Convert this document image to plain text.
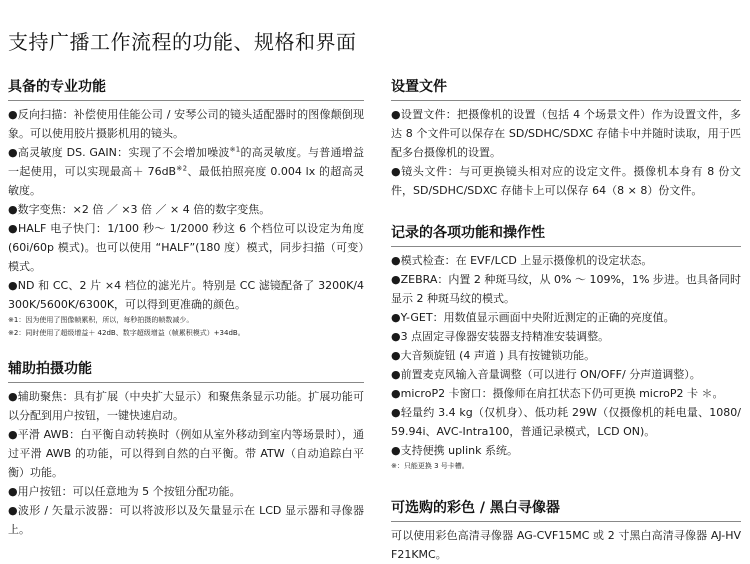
支持广播工作流程的功能、规格和界面
具备的专业功能

● 反向扫描：补偿使用佳能公司 / 安琴公司的镜头适配器时的图像颠倒现象。可以使用胶片摄影机用的镜头。

● 高灵敏度 DS. GAIN：实现了不会增加噪波$^{※1}$的高灵敏度。与普通增益一起使用，可以实现最高＋ $76dB^{※2}$、最低拍照亮度 0.004 lx 的超高灵敏度。

● 数字变焦：×2 倍 ／ ×3 倍 ／ × 4 倍的数字变焦。

● HALF 电子快门：1/100 秒～ 1/2000 秒这 6 个档位可以设定为角度(60i/60p 模式)。也可以使用 “HALF”(180 度）模式，同步扫描（可变）模式。

● ND 和 CC、2 片 ×4 档位的滤光片。特别是 CC 滤镜配备了 3200K/4300K/5600K/6300K，可以得到更准确的颜色。

※1：因为使用了图像帧累积，所以，每秒拍摄的帧数减少。

※2：同时使用了超级增益＋ 42dB、数字超级增益（帧累积模式）+34dB。

辅助拍摄功能

● 辅助聚焦：具有扩展（中央扩大显示）和聚焦条显示功能。扩展功能可以分配到用户按钮，一键快速启动。

● 平滑 AWB：白平衡自动转换时（例如从室外移动到室内等场景时），通过平滑 AWB 的功能，可以得到自然的白平衡。带 ATW（自动追踪白平衡）功能。

● 用户按钮：可以任意地为 5 个按钮分配功能。

● 波形 / 矢量示波器：可以将波形以及矢量显示在 LCD 显示器和寻像器上。

设置文件

● 设置文件：把摄像机的设置（包括 4 个场景文件）作为设置文件，多达 8 个文件可以保存在 SD/SDHC/SDXC 存储卡中并随时读取，用于匹配多台摄像机的设置。

● 镜头文件：与可更换镜头相对应的设定文件。摄像机本身有 8 份文件，SD/SDHC/SDXC 存储卡上可以保存 64（8 × 8）份文件。

记录的各项功能和操作性

● 模式检查：在 EVF/LCD 上显示摄像机的设定状态。

● ZEBRA：内置 2 种斑马纹，从 0% ～ 109%，1% 步进。也具备同时显示 2 种斑马纹的模式。

● Y-GET：用数值显示画面中央附近测定的正确的亮度值。

● 3 点固定寻像器安装器支持精准安装调整。

● 大音频旋钮 (4 声道 ) 具有按键锁功能。

● 前置麦克风输入音量调整（可以进行 ON/OFF/ 分声道调整）。

● microP2 卡窗口：摄像师在肩扛状态下仍可更换 microP2 卡 ＊。

● 轻量约 3.4 kg（仅机身）、低功耗 29W（仅摄像机的耗电量、1080/59.94i、AVC-Intra100，普通记录模式，LCD ON)。

● 支持便携 uplink 系统。

※：只能更换 3 号卡槽。

可选购的彩色 / 黑白寻像器

可以使用彩色高清寻像器 AG-CVF15MC 或 2 寸黑白高清寻像器 AJ-HVF21KMC。
